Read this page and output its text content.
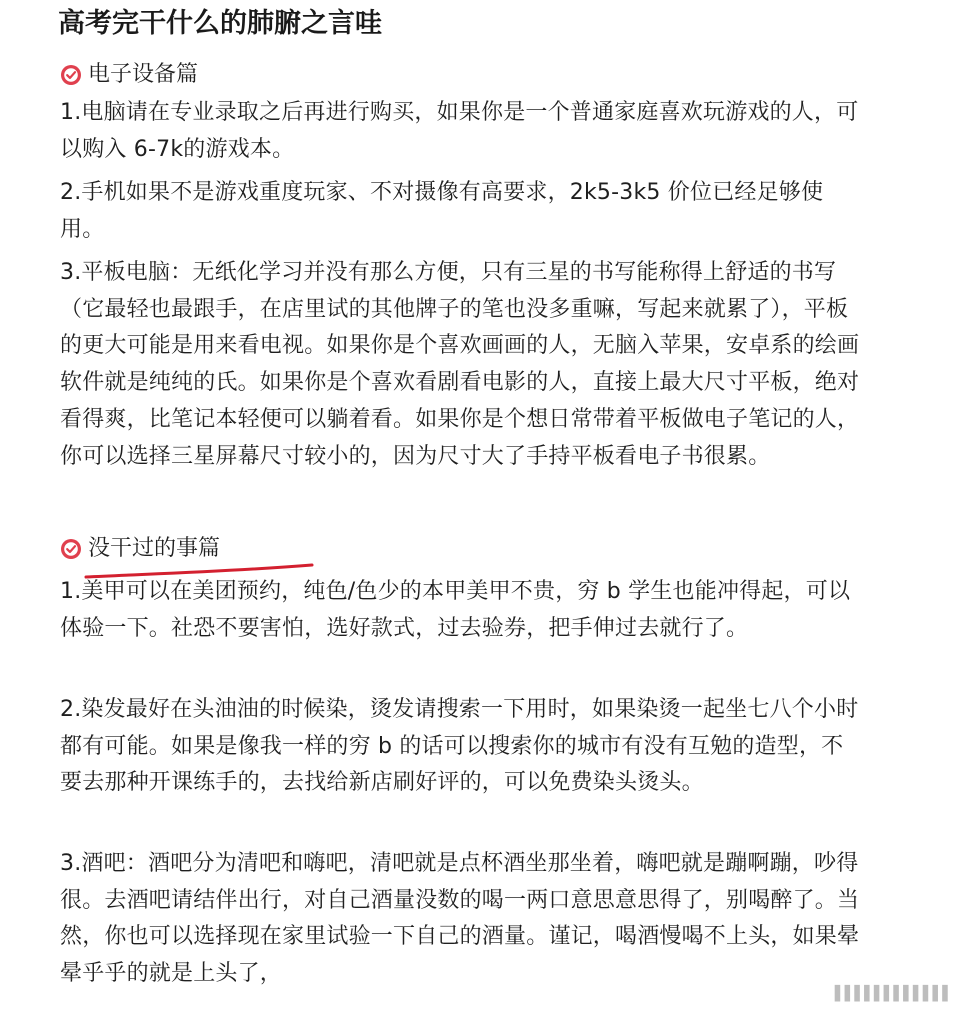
高考完干什么的肺腑之言哇
电子设备篇

1.电脑请在专业录取之后再进行购买，如果你是一个普通家庭喜欢玩游戏的人，可以购入 6-7k的游戏本。

2.手机如果不是游戏重度玩家、不对摄像有高要求，2k5-3k5 价位已经足够使用。

3.平板电脑：无纸化学习并没有那么方便，只有三星的书写能称得上舒适的书写（它最轻也最跟手，在店里试的其他牌子的笔也没多重嘛，写起来就累了），平板的更大可能是用来看电视。如果你是个喜欢画画的人，无脑入苹果，安卓系的绘画软件就是纯纯的氏。如果你是个喜欢看剧看电影的人，直接上最大尺寸平板，绝对看得爽，比笔记本轻便可以躺着看。如果你是个想日常带着平板做电子笔记的人，你可以选择三星屏幕尺寸较小的，因为尺寸大了手持平板看电子书很累。

没干过的事篇

1.美甲可以在美团预约，纯色/色少的本甲美甲不贵，穷 b 学生也能冲得起，可以体验一下。社恐不要害怕，选好款式，过去验券，把手伸过去就行了。

2.染发最好在头油油的时候染，烫发请搜索一下用时，如果染烫一起坐七八个小时都有可能。如果是像我一样的穷 b 的话可以搜索你的城市有没有互勉的造型，不要去那种开课练手的，去找给新店刷好评的，可以免费染头烫头。

3.酒吧：酒吧分为清吧和嗨吧，清吧就是点杯酒坐那坐着，嗨吧就是蹦啊蹦，吵得很。去酒吧请结伴出行，对自己酒量没数的喝一两口意思意思得了，别喝醉了。当然，你也可以选择现在家里试验一下自己的酒量。谨记，喝酒慢喝不上头，如果晕晕乎乎的就是上头了，

▌▌▌▌▌▌▌▌▌▌▌▌
